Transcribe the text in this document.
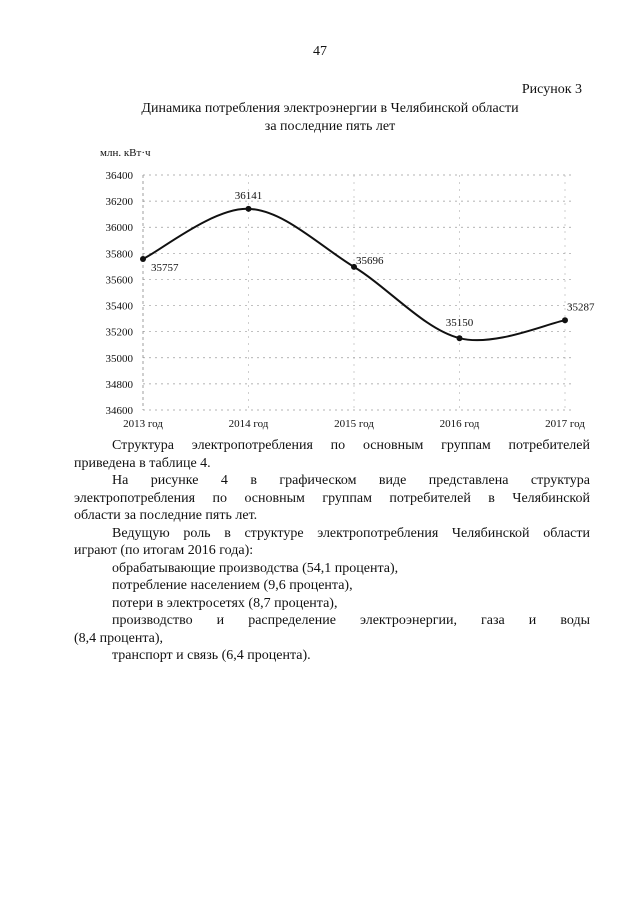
47
Рисунок 3
Динамика потребления электроэнергии в Челябинской области
за последние пять лет
млн. кВт·ч
34600
34800
35000
35200
35400
35600
35800
36000
36200
36400
2013 год	2014 год	2015 год	2016 год	2017 год
35757
36141
35696
35150
35287

Структура электропотребления по основным группам потребителей

приведена в таблице 4.

На рисунке 4 в графическом виде представлена структура

электропотребления по основным группам потребителей в Челябинской

области за последние пять лет.

Ведущую роль в структуре электропотребления Челябинской области

играют (по итогам 2016 года):

обрабатывающие производства (54,1 процента),

потребление населением (9,6 процента),

потери в электросетях (8,7 процента),

производство и распределение электроэнергии, газа и воды

(8,4 процента),

транспорт и связь (6,4 процента).
